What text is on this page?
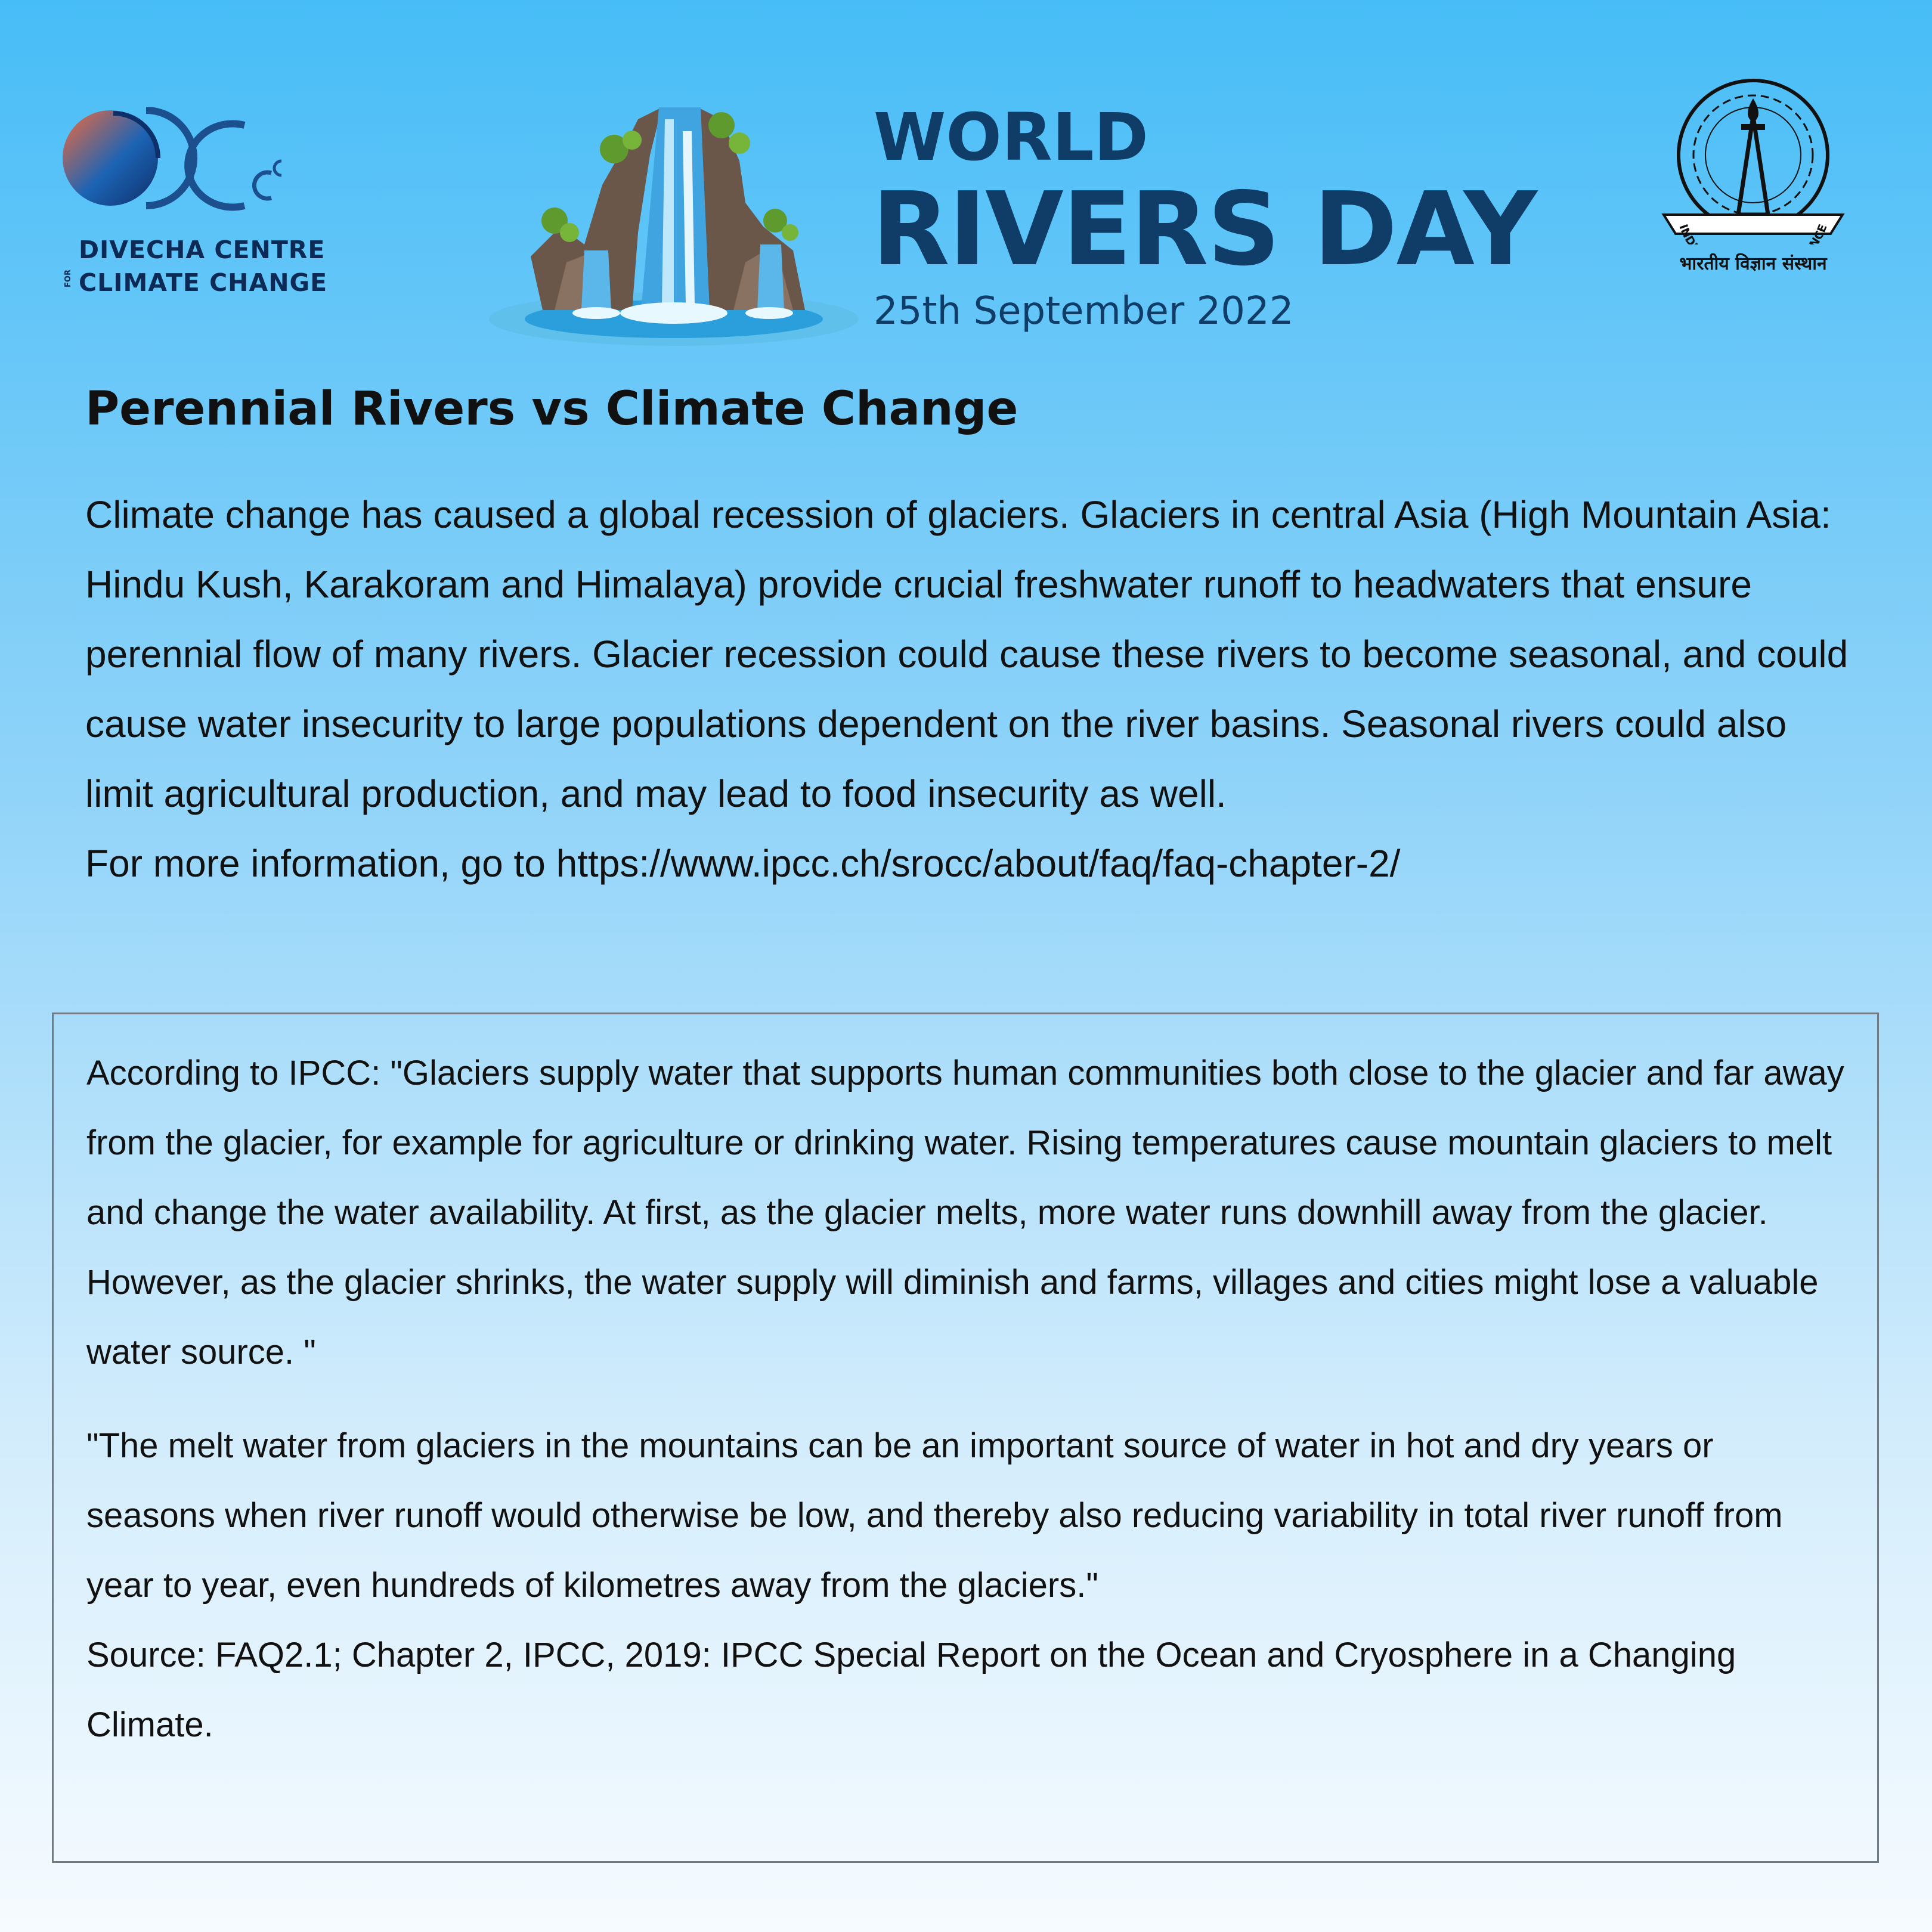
DIVECHA CENTRE
FOR CLIMATE CHANGE
WORLD
RIVERS DAY
25th September 2022
IND NCE
भारतीय विज्ञान संस्थान
Perennial Rivers vs Climate Change

Climate change has caused a global recession of glaciers. Glaciers in central Asia (High Mountain Asia: Hindu Kush, Karakoram and Himalaya) provide crucial freshwater runoff to headwaters that ensure perennial flow of many rivers. Glacier recession could cause these rivers to become seasonal, and could cause water insecurity to large populations dependent on the river basins. Seasonal rivers could also limit agricultural production, and may lead to food insecurity as well.

For more information, go to https://www.ipcc.ch/srocc/about/faq/faq-chapter-2/

According to IPCC: "Glaciers supply water that supports human communities both close to the glacier and far away from the glacier, for example for agriculture or drinking water. Rising temperatures cause mountain glaciers to melt and change the water availability. At first, as the glacier melts, more water runs downhill away from the glacier. However, as the glacier shrinks, the water supply will diminish and farms, villages and cities might lose a valuable water source. "

"The melt water from glaciers in the mountains can be an important source of water in hot and dry years or seasons when river runoff would otherwise be low, and thereby also reducing variability in total river runoff from year to year, even hundreds of kilometres away from the glaciers."

Source: FAQ2.1; Chapter 2, IPCC, 2019: IPCC Special Report on the Ocean and Cryosphere in a Changing Climate.
